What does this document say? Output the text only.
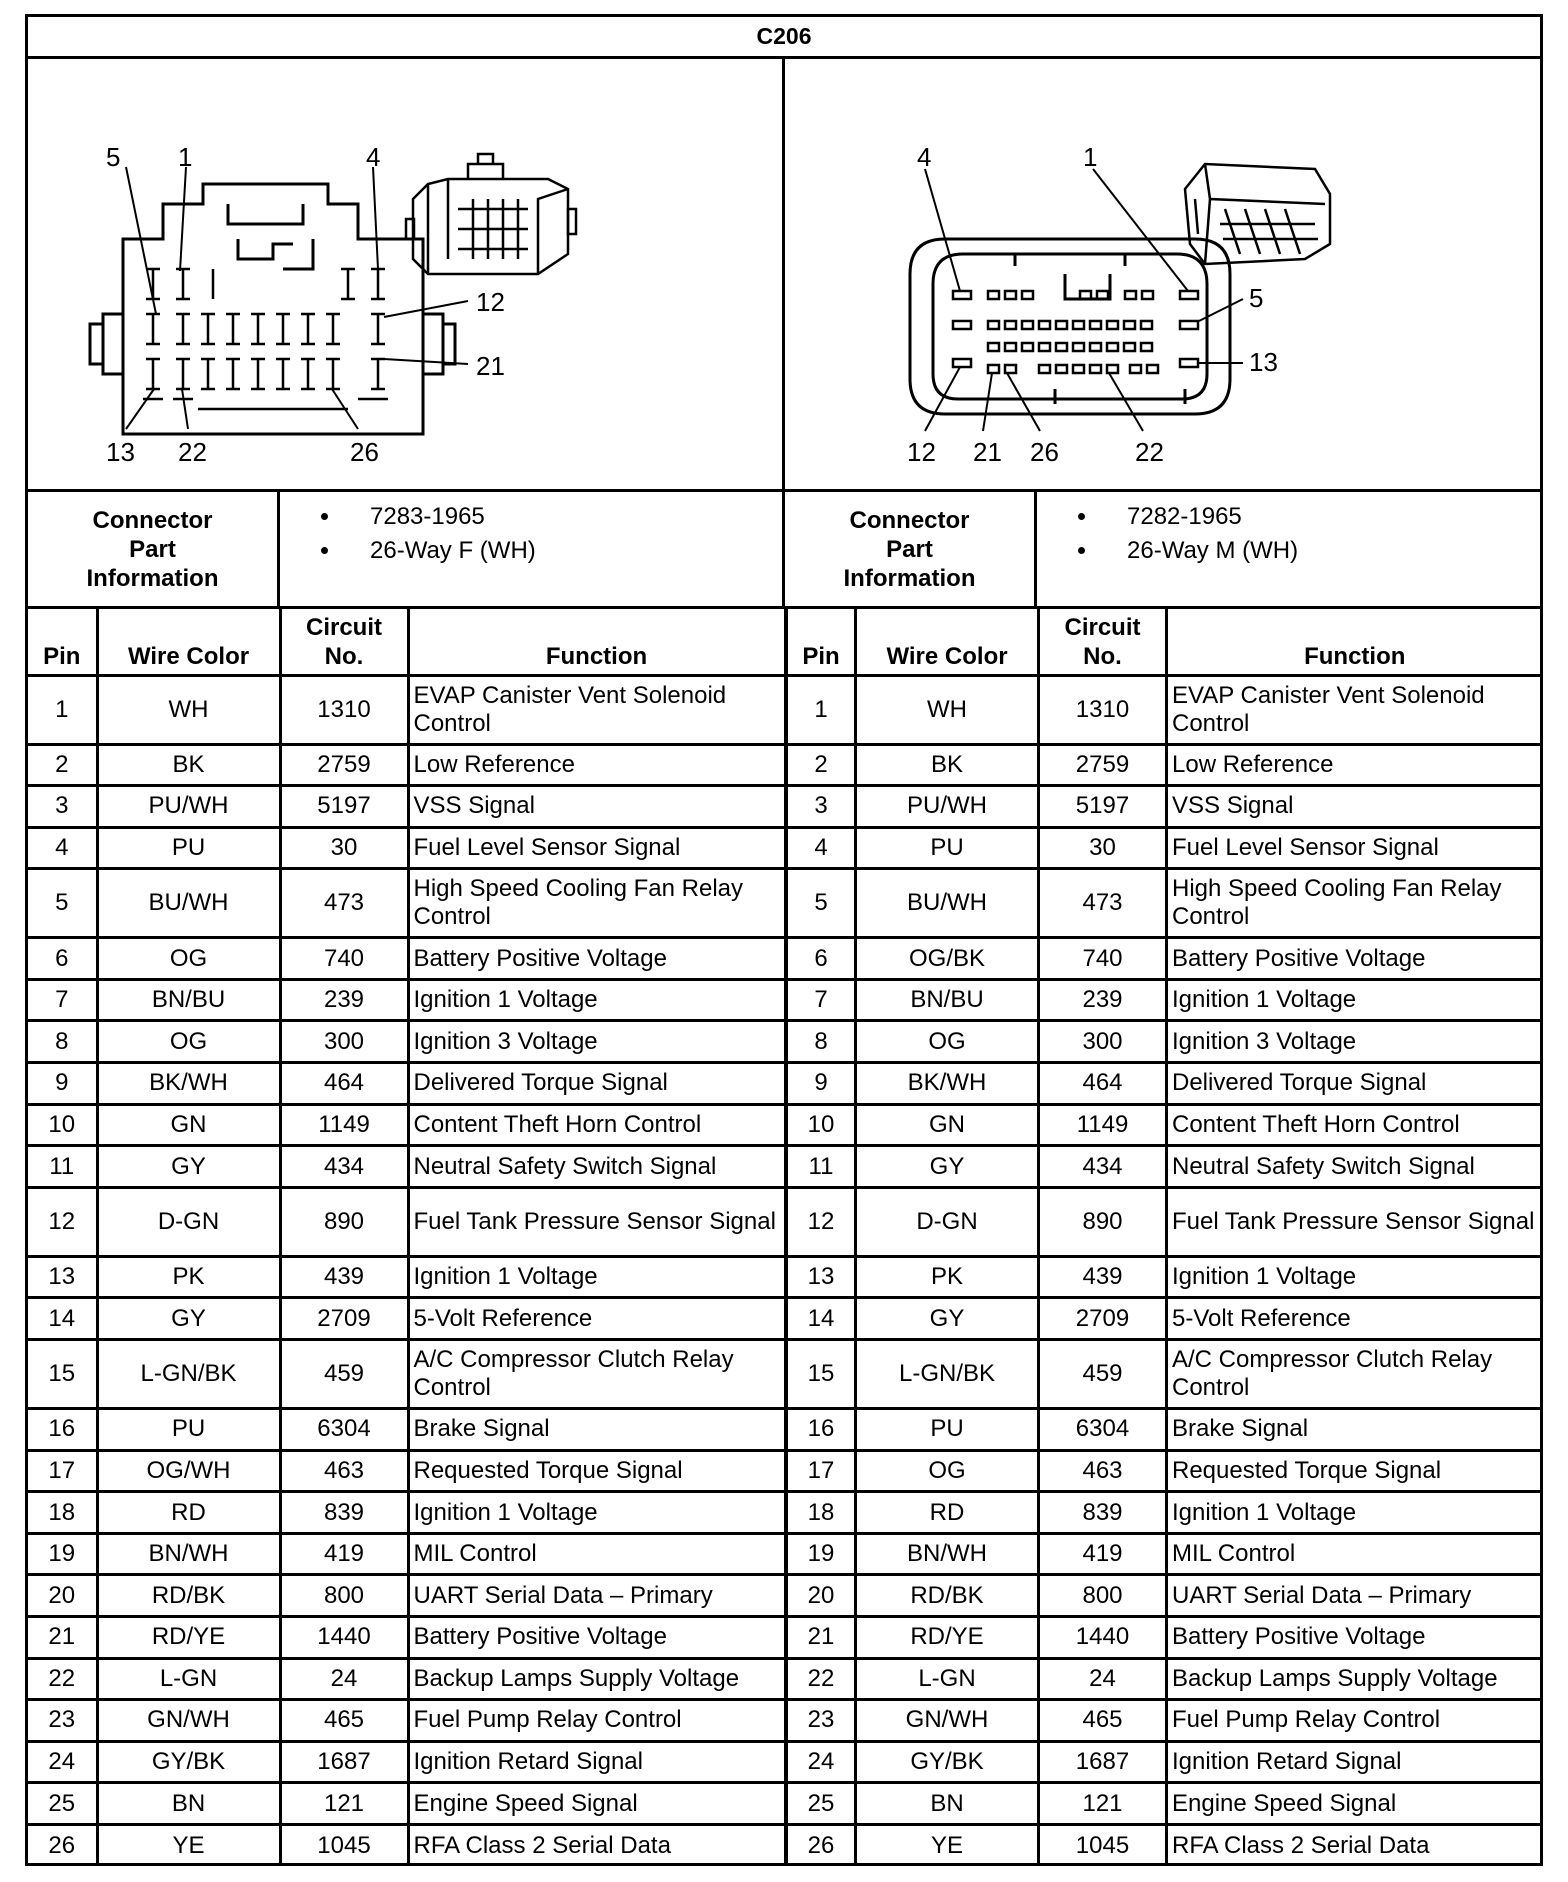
C206
5 1	4
12
21
13 22	26
4	1
5
13
12 21 26	22
Connector Part Information
• 7283-1965
• 26-Way F (WH)
Connector Part Information
• 7282-1965
• 26-Way M (WH)
Pin	Wire Color	Circuit No.	Function
1	WH	1310	EVAP Canister Vent Solenoid Control
2	BK	2759	Low Reference
3	PU/WH	5197	VSS Signal
4	PU	30	Fuel Level Sensor Signal
5	BU/WH	473	High Speed Cooling Fan Relay Control
6	OG	740	Battery Positive Voltage
7	BN/BU	239	Ignition 1 Voltage
8	OG	300	Ignition 3 Voltage
9	BK/WH	464	Delivered Torque Signal
10	GN	1149	Content Theft Horn Control
11	GY	434	Neutral Safety Switch Signal
12	D-GN	890	Fuel Tank Pressure Sensor Signal
13	PK	439	Ignition 1 Voltage
14	GY	2709	5-Volt Reference
15	L-GN/BK	459	A/C Compressor Clutch Relay Control
16	PU	6304	Brake Signal
17	OG/WH	463	Requested Torque Signal
18	RD	839	Ignition 1 Voltage
19	BN/WH	419	MIL Control
20	RD/BK	800	UART Serial Data – Primary
21	RD/YE	1440	Battery Positive Voltage
22	L-GN	24	Backup Lamps Supply Voltage
23	GN/WH	465	Fuel Pump Relay Control
24	GY/BK	1687	Ignition Retard Signal
25	BN	121	Engine Speed Signal
26	YE	1045	RFA Class 2 Serial Data
Pin	Wire Color	Circuit No.	Function
1	WH	1310	EVAP Canister Vent Solenoid Control
2	BK	2759	Low Reference
3	PU/WH	5197	VSS Signal
4	PU	30	Fuel Level Sensor Signal
5	BU/WH	473	High Speed Cooling Fan Relay Control
6	OG/BK	740	Battery Positive Voltage
7	BN/BU	239	Ignition 1 Voltage
8	OG	300	Ignition 3 Voltage
9	BK/WH	464	Delivered Torque Signal
10	GN	1149	Content Theft Horn Control
11	GY	434	Neutral Safety Switch Signal
12	D-GN	890	Fuel Tank Pressure Sensor Signal
13	PK	439	Ignition 1 Voltage
14	GY	2709	5-Volt Reference
15	L-GN/BK	459	A/C Compressor Clutch Relay Control
16	PU	6304	Brake Signal
17	OG	463	Requested Torque Signal
18	RD	839	Ignition 1 Voltage
19	BN/WH	419	MIL Control
20	RD/BK	800	UART Serial Data – Primary
21	RD/YE	1440	Battery Positive Voltage
22	L-GN	24	Backup Lamps Supply Voltage
23	GN/WH	465	Fuel Pump Relay Control
24	GY/BK	1687	Ignition Retard Signal
25	BN	121	Engine Speed Signal
26	YE	1045	RFA Class 2 Serial Data
